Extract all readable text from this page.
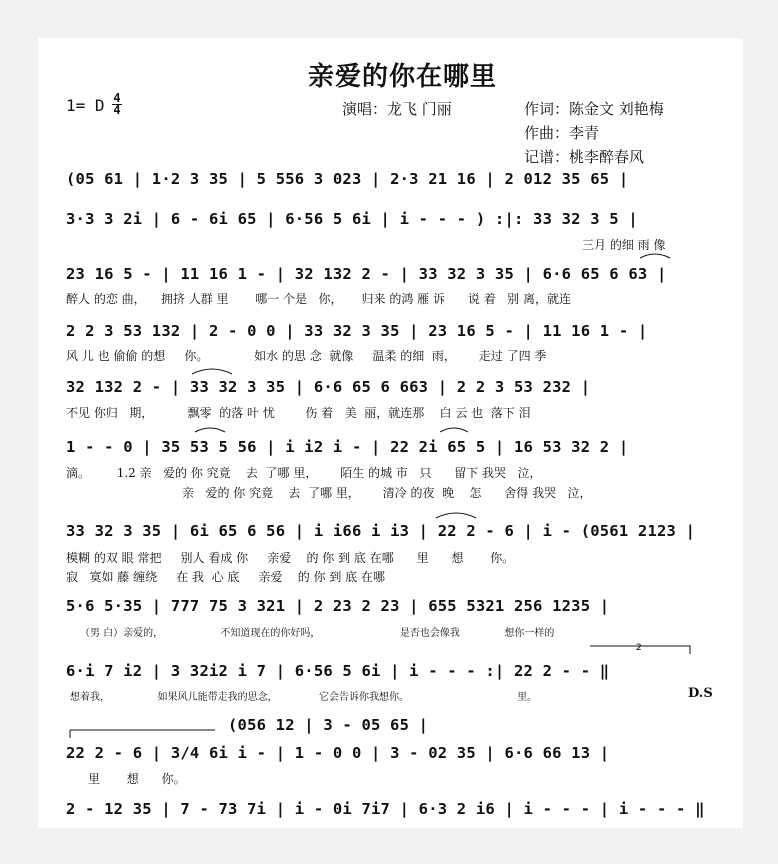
亲爱的你在哪里
1= D 4
4	演唱：龙飞 门丽	作词：陈金文 刘艳梅
作曲：李青
记谱：桃李醉春风
(05 61 | 1·2 3 35 | 5 556 3 023 | 2·3 21 16 | 2 012 35 65 |
3·3 3 2i | 6 - 6i 65 | 6·56 5 6i | i - - - ) :|: 33 32 3 5 |
三月 的细 雨 像
23 16 5 - | 11 16 1 - | 32 132 2 - | 33 32 3 35 | 6·6 65 6 63 |
醉人 的恋 曲，    拥挤 人群 里       哪一 个是   你，     归来 的鸿 雁 诉      说 着   别 离，就连
2 2 3 53 132 | 2 - 0 0 | 33 32 3 35 | 23 16 5 - | 11 16 1 - |
风 儿 也 偷偷 的想     你。            如水 的思 念  就像     温柔 的细  雨，      走过 了四 季
32 132 2 - | 33 32 3 35 | 6·6 65 6 663 | 2 2 3 53 232 |
不见 你归   期，         飘零  的落 叶 忧        伤 着   美  丽，就连那    白 云 也  落下 泪
1 - - 0 | 35 53 5 56 | i i2 i - | 22 2i 65 5 | 16 53 32 2 |
滴。       1.2 亲   爱的 你 究竟    去  了哪 里，      陌生 的城 市   只      留下 我哭   泣，
亲   爱的 你 究竟    去  了哪 里，      清冷 的夜  晚    怎      舍得 我哭   泣，
33 32 3 35 | 6i 65 6 56 | i i66 i i3 | 22 2 - 6 | i - (0561 2123 |
模糊 的双 眼 常把     别人 看成 你     亲爱    的 你 到 底 在哪      里      想       你。
寂   寞如 藤 缠绕     在 我  心 底     亲爱    的 你 到 底 在哪
5·6 5·35 | 777 75 3 321 | 2 23 2 23 | 655 5321 256 1235 |
（男 白）亲爱的，                  不知道现在的你好吗，                         是否也会像我              想你一样的
6·i 7 i2 | 3 32i2 i 7 | 6·56 5 6i | i - - - :| 22 2 - - ‖
想着我，               如果风儿能带走我的思念，             它会告诉你我想你。                                  里。	D.S
(056 12 | 3 - 05 65 |
22 2 - 6 | 3/4 6i i - | 1 - 0 0 | 3 - 02 35 | 6·6 66 13 |
里       想      你。
2 - 12 35 | 7 - 73 7i | i - 0i 7i7 | 6·3 2 i6 | i - - - | i - - - ‖
2
